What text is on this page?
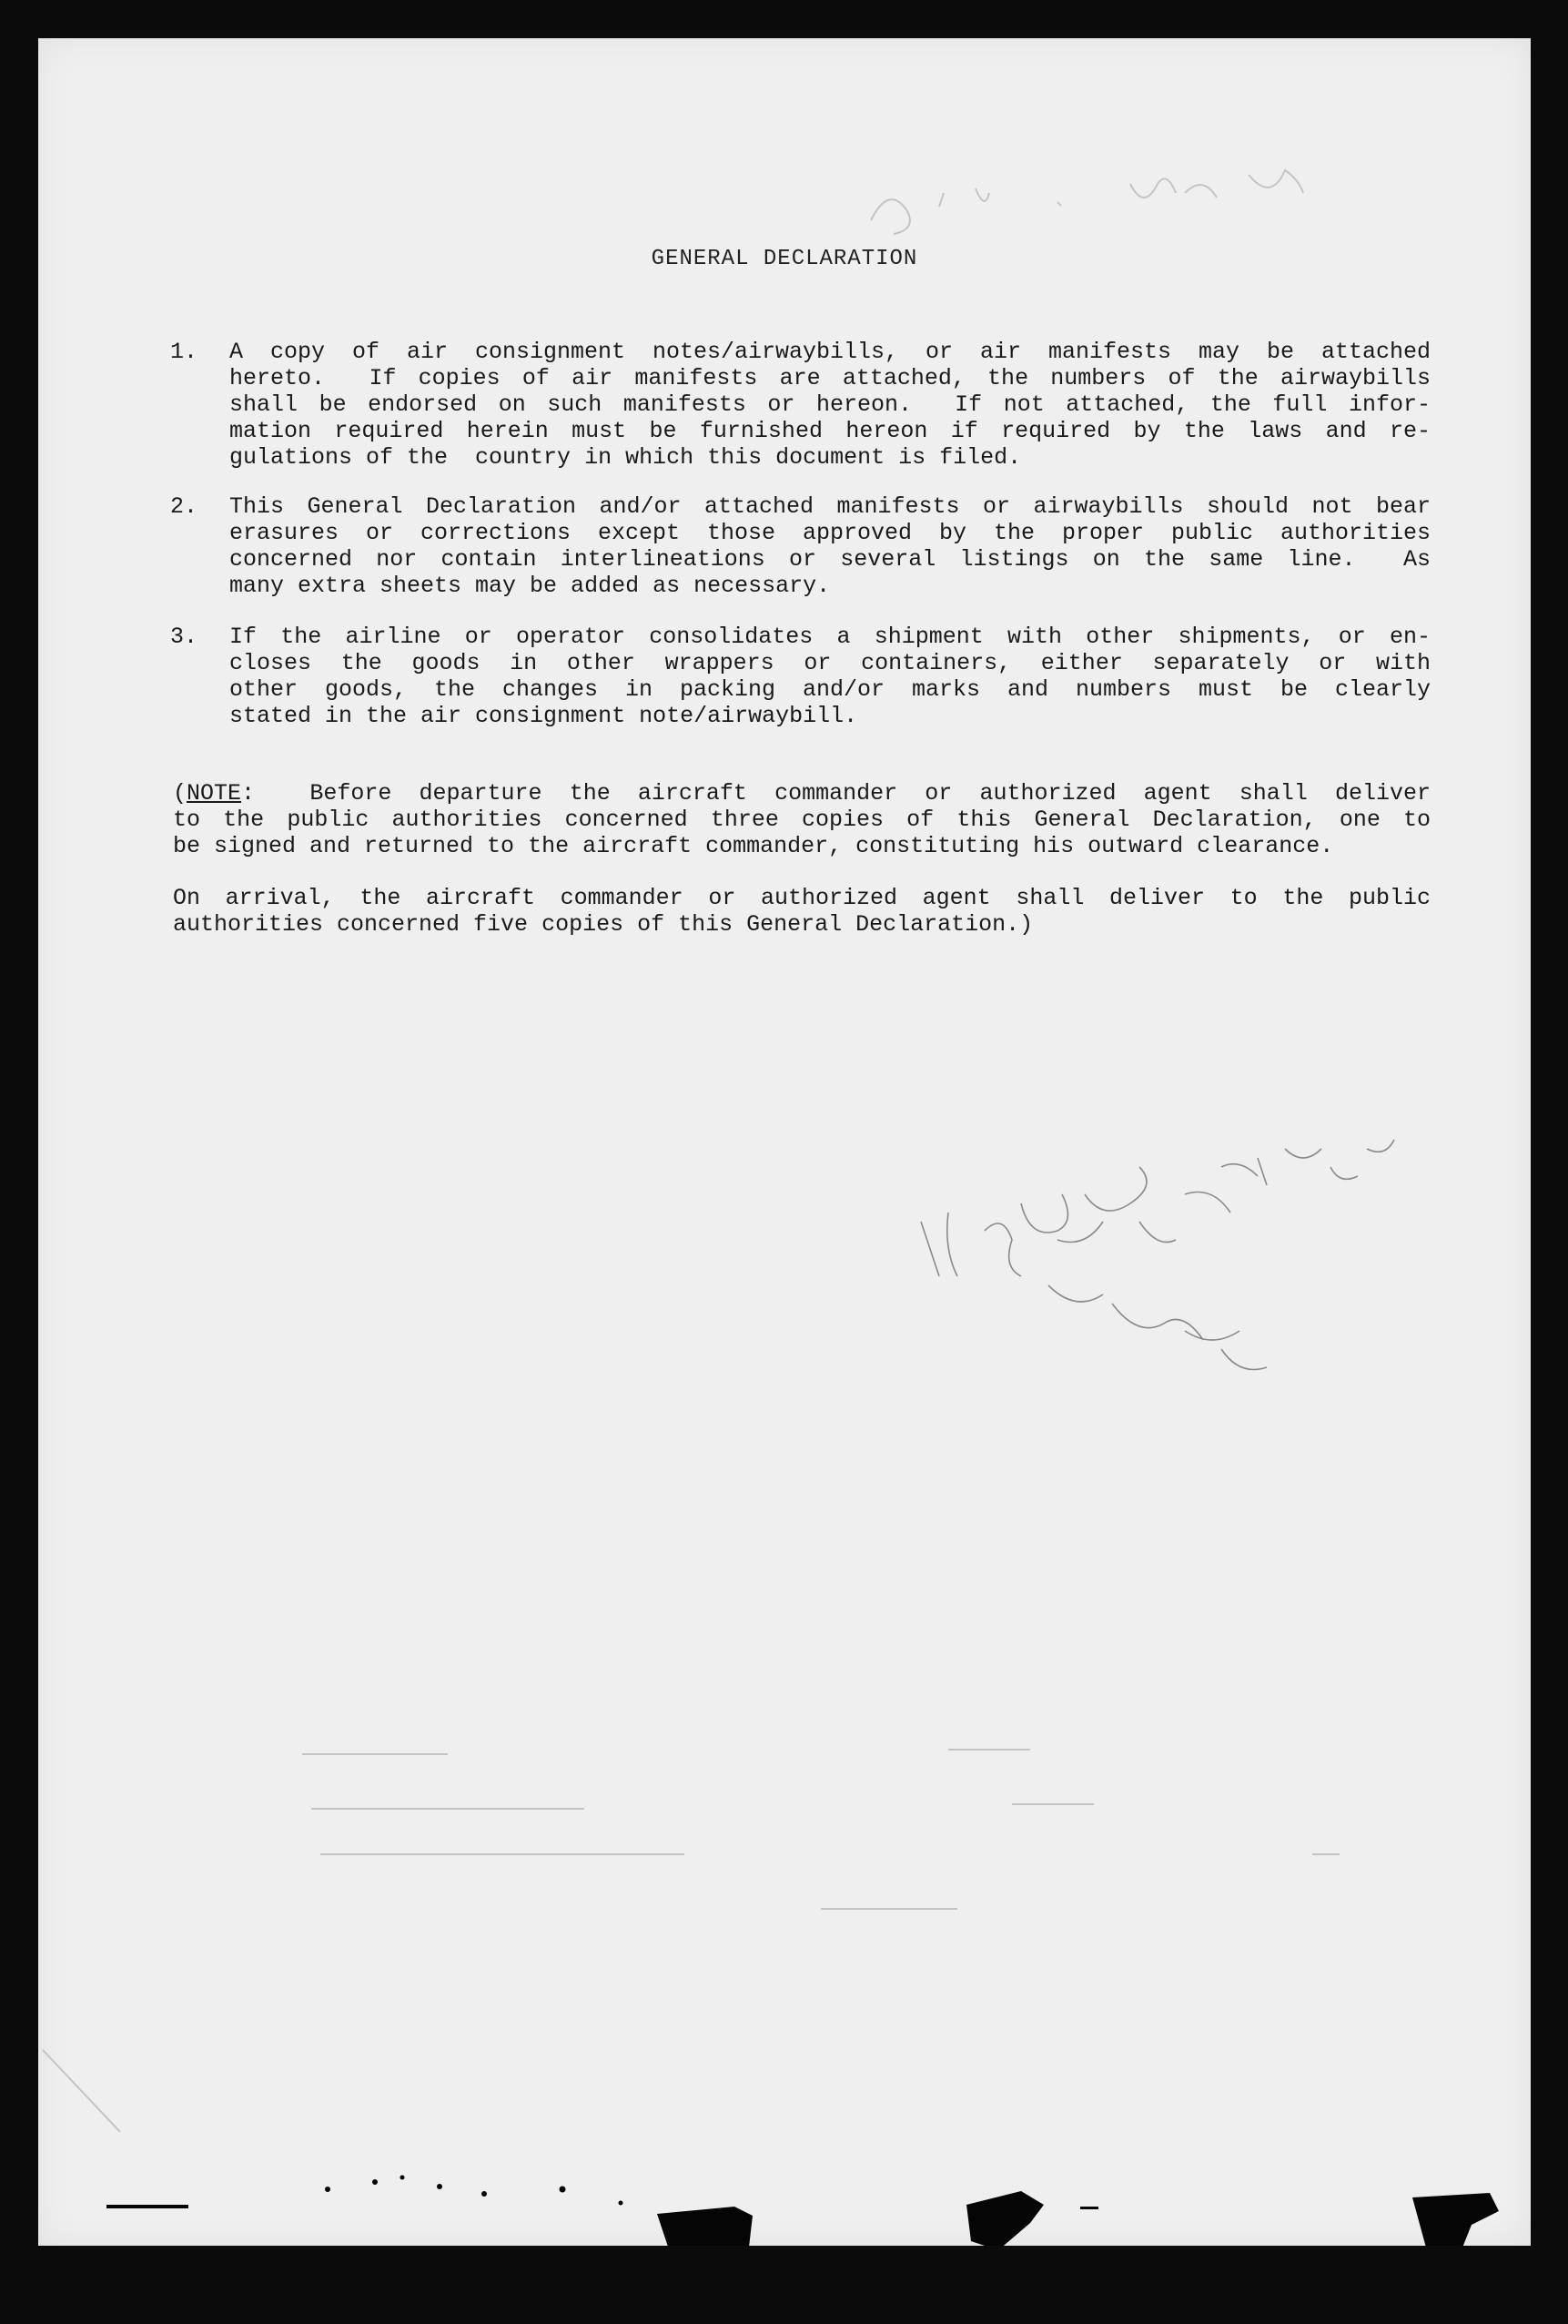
GENERAL DECLARATION
1.	A copy of air consignment notes/airwaybills, or air manifests may be attached
hereto.  If copies of air manifests are attached, the numbers of the airwaybills
shall be endorsed on such manifests or hereon.  If not attached, the full infor-
mation required herein must be furnished hereon if required by the laws and re-
gulations of the  country in which this document is filed.
2.	This General Declaration and/or attached manifests or airwaybills should not bear
erasures or corrections except those approved by the proper public authorities
concerned nor contain interlineations or several listings on the same line.  As
many extra sheets may be added as necessary.
3.	If the airline or operator consolidates a shipment with other shipments, or en-
closes the goods in other wrappers or containers, either separately or with
other goods, the changes in packing and/or marks and numbers must be clearly
stated in the air consignment note/airwaybill.
(NOTE:  Before departure the aircraft commander or authorized agent shall deliver
to the public authorities concerned three copies of this General Declaration, one to
be signed and returned to the aircraft commander, constituting his outward clearance.
On arrival, the aircraft commander or authorized agent shall deliver to the public
authorities concerned five copies of this General Declaration.)
